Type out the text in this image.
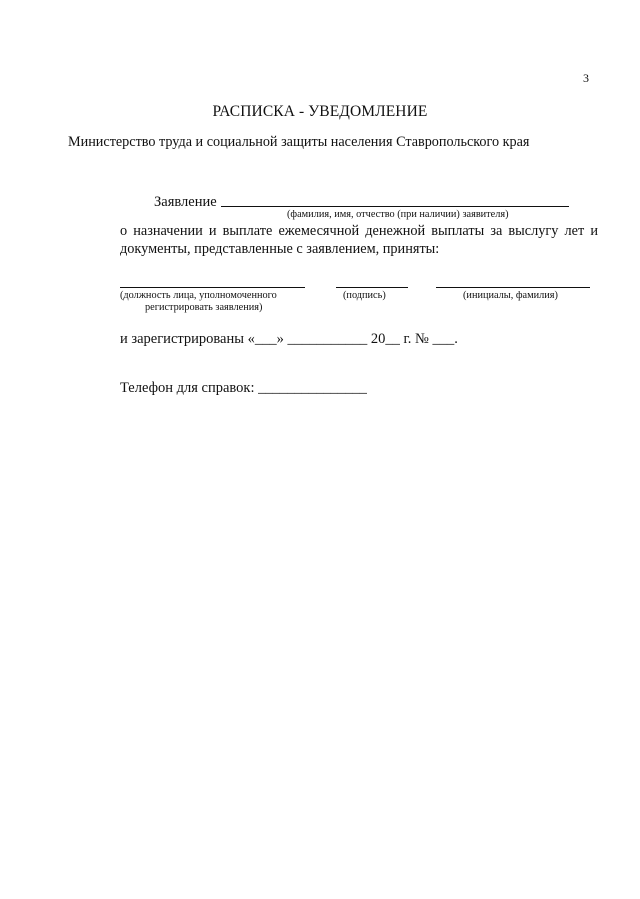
3
РАСПИСКА - УВЕДОМЛЕНИЕ
Министерство труда и социальной защиты населения Ставропольского края
Заявление
(фамилия, имя, отчество (при наличии) заявителя)
о назначении и выплате ежемесячной денежной выплаты за выслугу лет и
документы, представленные с заявлением, приняты:
(должность лица, уполномоченного
регистрировать заявления)
(подпись)	(инициалы, фамилия)
и зарегистрированы «___» ___________ 20__ г. № ___.
Телефон для справок: _______________
